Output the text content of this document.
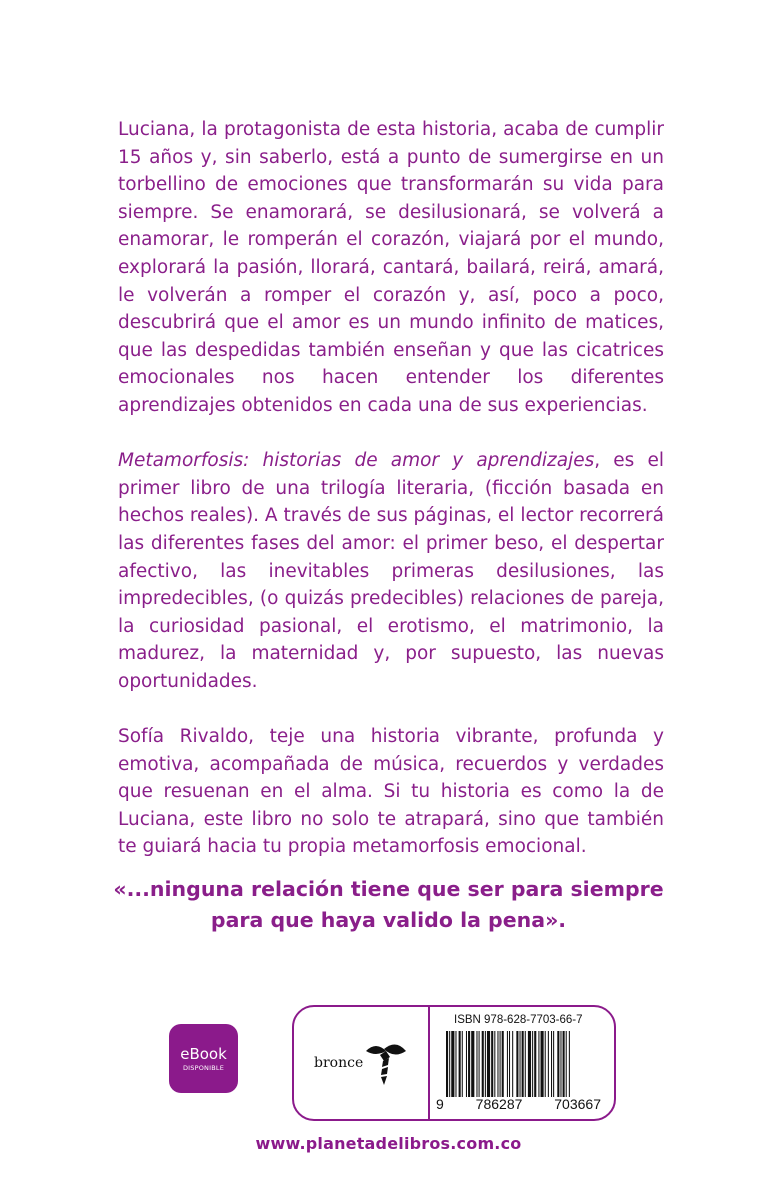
Luciana, la protagonista de esta historia, acaba de cumplir 15 años y, sin saberlo, está a punto de sumergirse en un torbellino de emociones que transformarán su vida para siempre. Se enamorará, se desilusionará, se volverá a enamorar, le romperán el corazón, viajará por el mundo, explorará la pasión, llorará, cantará, bailará, reirá, amará, le volverán a romper el corazón y, así, poco a poco, descubrirá que el amor es un mundo infinito de matices, que las despedidas también enseñan y que las cicatrices emocionales nos hacen entender los diferentes aprendizajes obtenidos en cada una de sus experiencias.

Metamorfosis: historias de amor y aprendizajes, es el primer libro de una trilogía literaria, (ficción basada en hechos reales). A través de sus páginas, el lector recorrerá las diferentes fases del amor: el primer beso, el despertar afectivo, las inevitables primeras desilusiones, las impredecibles, (o quizás predecibles) relaciones de pareja, la curiosidad pasional, el erotismo, el matrimonio, la madurez, la maternidad y, por supuesto, las nuevas oportunidades.

Sofía Rivaldo, teje una historia vibrante, profunda y emotiva, acompañada de música, recuerdos y verdades que resuenan en el alma. Si tu historia es como la de Luciana, este libro no solo te atrapará, sino que también te guiará hacia tu propia metamorfosis emocional.

«...ninguna relación tiene que ser para siempre
para que haya valido la pena».
eBook
DISPONIBLE	bronce
ISBN 978-628-7703-66-7
9 786287 703667
www.planetadelibros.com.co
